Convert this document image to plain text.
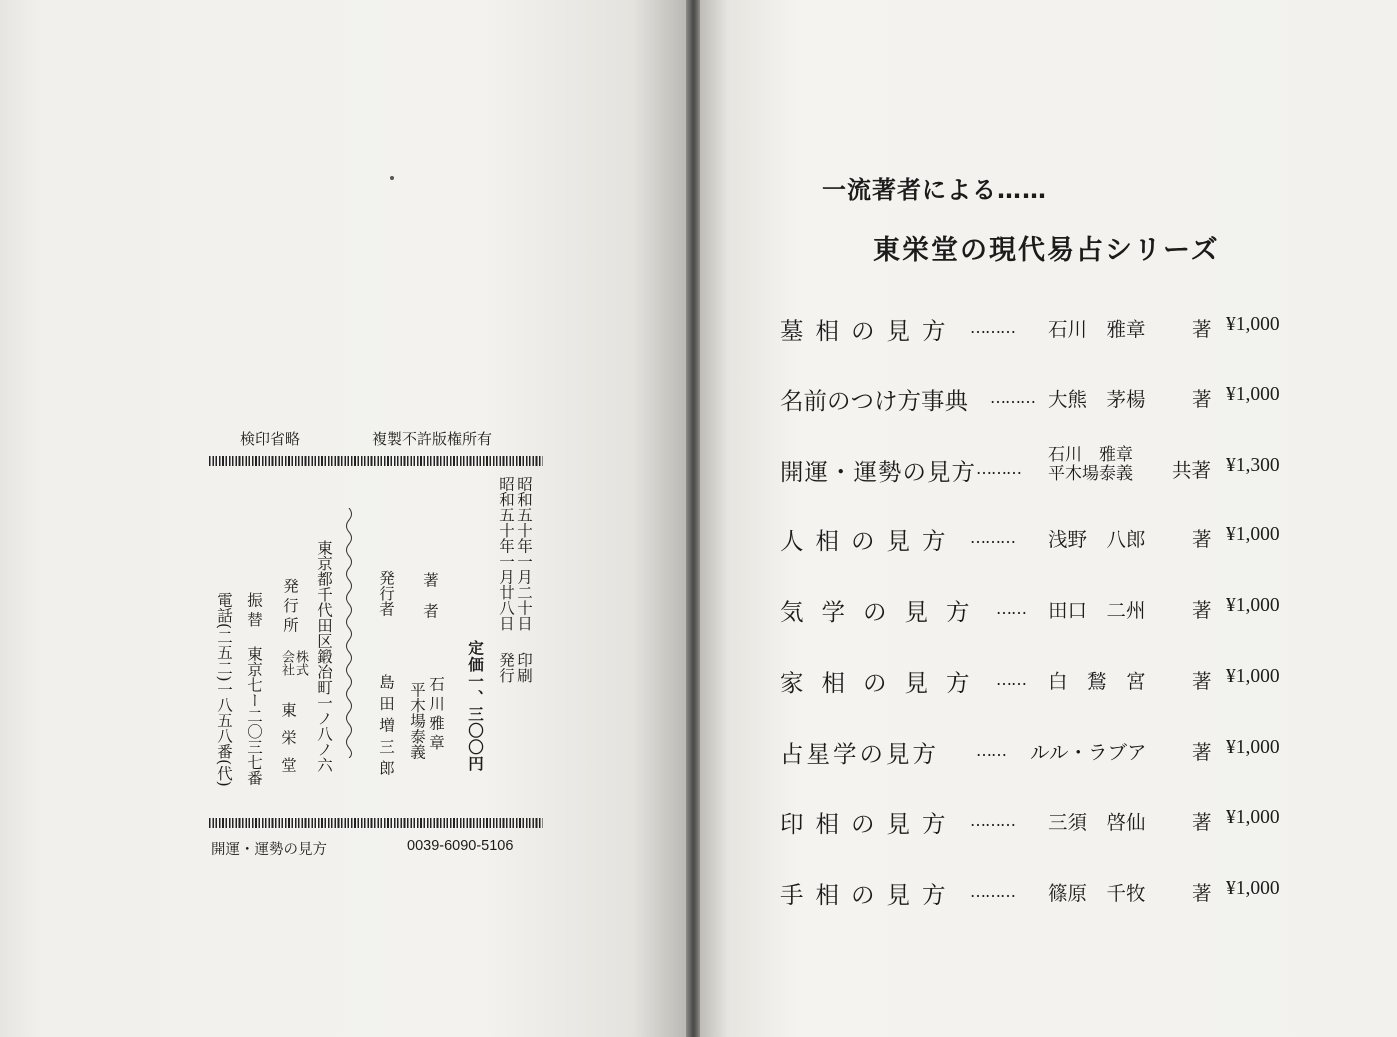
検印省略	複製不許版権所有
昭和五十年一月二十日
印刷
昭和五十年一月廿八日
発行
定価一、三〇〇円
著　者
石川雅章
平木場泰義
発行者
島田増三郎
東京都千代田区鍛冶町一ノ八ノ六
発行所
株式会社
東栄堂
振替
東京七ー二〇三七番
電話(二五二)一八五八番(代)
開運・運勢の見方	0039-6090-5106

一流著者による……
東栄堂の現代易占シリーズ
墓相の見方 ……… 石川　雅章 著 ¥1,000
名前のつけ方事典 ……… 大熊　茅楊 著 ¥1,000
開運・運勢の見方 ………
石川　雅章
平木場泰義 共著 ¥1,300
人相の見方 ……… 浅野　八郎 著 ¥1,000
気学の見方 …… 田口　二州 著 ¥1,000
家相の見方 …… 白　鶖　宮 著 ¥1,000
占星学の見方 …… ルル・ラブア 著 ¥1,000
印相の見方 ……… 三須　啓仙 著 ¥1,000
手相の見方 ……… 篠原　千牧 著 ¥1,000
